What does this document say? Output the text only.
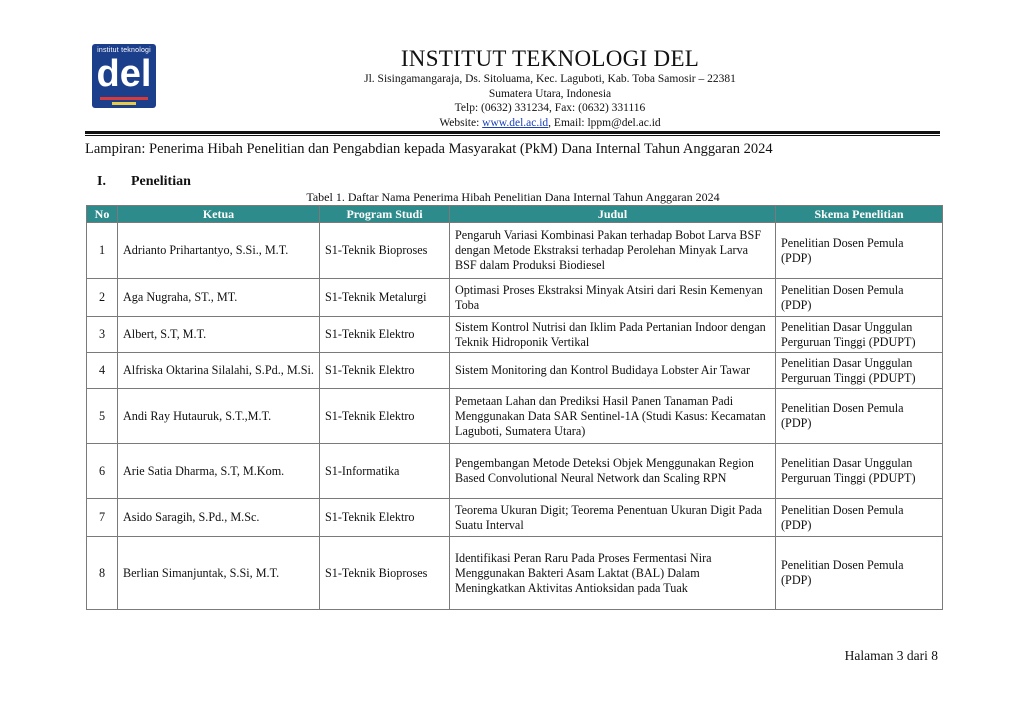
institut teknologi
del	INSTITUT TEKNOLOGI DEL
Jl. Sisingamangaraja, Ds. Sitoluama, Kec. Laguboti, Kab. Toba Samosir – 22381
Sumatera Utara, Indonesia
Telp: (0632) 331234, Fax: (0632) 331116
Website: www.del.ac.id, Email: lppm@del.ac.id
Lampiran: Penerima Hibah Penelitian dan Pengabdian kepada Masyarakat (PkM) Dana Internal Tahun Anggaran 2024
I. Penelitian
Tabel 1. Daftar Nama Penerima Hibah Penelitian Dana Internal Tahun Anggaran 2024
No	Ketua	Program Studi	Judul	Skema Penelitian
1	Adrianto Prihartantyo, S.Si., M.T.	S1-Teknik Bioproses	Pengaruh Variasi Kombinasi Pakan terhadap Bobot Larva BSF dengan Metode Ekstraksi terhadap Perolehan Minyak Larva BSF dalam Produksi Biodiesel	Penelitian Dosen Pemula (PDP)
2	Aga Nugraha, ST., MT.	S1-Teknik Metalurgi	Optimasi Proses Ekstraksi Minyak Atsiri dari Resin Kemenyan Toba	Penelitian Dosen Pemula (PDP)
3	Albert, S.T, M.T.	S1-Teknik Elektro	Sistem Kontrol Nutrisi dan Iklim Pada Pertanian Indoor dengan Teknik Hidroponik Vertikal	Penelitian Dasar Unggulan Perguruan Tinggi (PDUPT)
4	Alfriska Oktarina Silalahi, S.Pd., M.Si.	S1-Teknik Elektro	Sistem Monitoring dan Kontrol Budidaya Lobster Air Tawar	Penelitian Dasar Unggulan Perguruan Tinggi (PDUPT)
5	Andi Ray Hutauruk, S.T.,M.T.	S1-Teknik Elektro	Pemetaan Lahan dan Prediksi Hasil Panen Tanaman Padi Menggunakan Data SAR Sentinel-1A (Studi Kasus: Kecamatan Laguboti, Sumatera Utara)	Penelitian Dosen Pemula (PDP)
6	Arie Satia Dharma, S.T, M.Kom.	S1-Informatika	Pengembangan Metode Deteksi Objek Menggunakan Region Based Convolutional Neural Network dan Scaling RPN	Penelitian Dasar Unggulan Perguruan Tinggi (PDUPT)
7	Asido Saragih, S.Pd., M.Sc.	S1-Teknik Elektro	Teorema Ukuran Digit; Teorema Penentuan Ukuran Digit Pada Suatu Interval	Penelitian Dosen Pemula (PDP)
8	Berlian Simanjuntak, S.Si, M.T.	S1-Teknik Bioproses	Identifikasi Peran Raru Pada Proses Fermentasi Nira Menggunakan Bakteri Asam Laktat (BAL) Dalam Meningkatkan Aktivitas Antioksidan pada Tuak	Penelitian Dosen Pemula (PDP)
Halaman 3 dari 8
